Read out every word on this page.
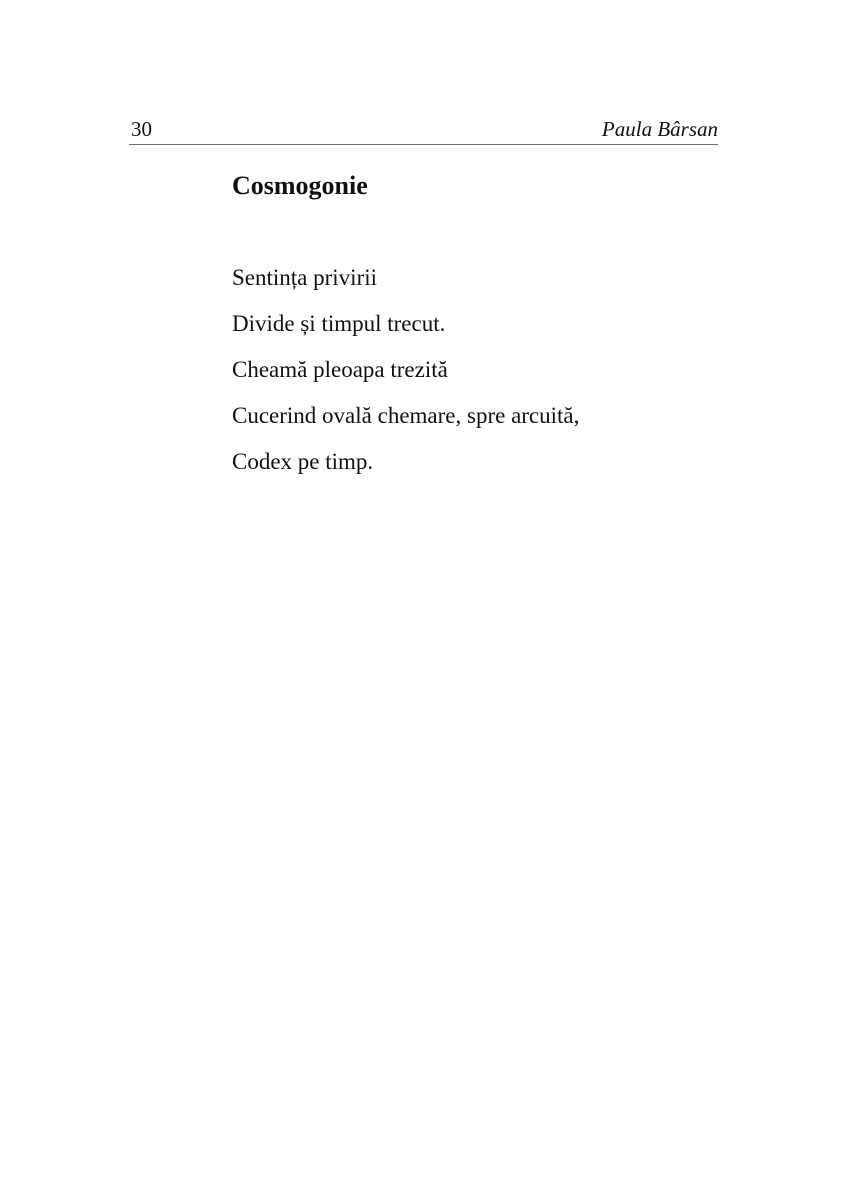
30	Paula Bârsan
Cosmogonie
Sentința privirii
Divide și timpul trecut.
Cheamă pleoapa trezită
Cucerind ovală chemare, spre arcuită,
Codex pe timp.
